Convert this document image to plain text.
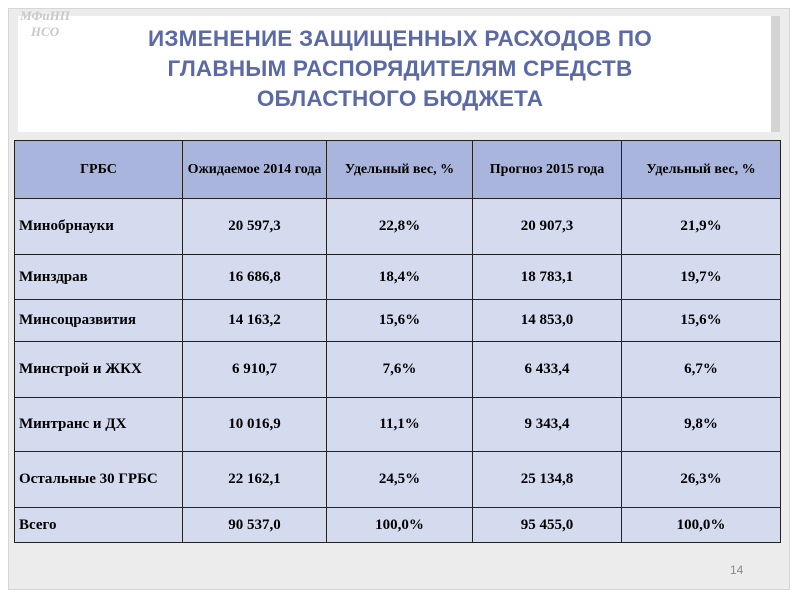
МФиНП
НСО	ИЗМЕНЕНИЕ ЗАЩИЩЕННЫХ РАСХОДОВ ПО
ГЛАВНЫМ РАСПОРЯДИТЕЛЯМ СРЕДСТВ
ОБЛАСТНОГО БЮДЖЕТА
ГРБС	Ожидаемое 2014 года	Удельный вес, %	Прогноз 2015 года	Удельный вес, %
Минобрнауки	20 597,3	22,8%	20 907,3	21,9%
Минздрав	16 686,8	18,4%	18 783,1	19,7%
Минсоцразвития	14 163,2	15,6%	14 853,0	15,6%
Минстрой и ЖКХ	6 910,7	7,6%	6 433,4	6,7%
Минтранс и ДХ	10 016,9	11,1%	9 343,4	9,8%
Остальные 30 ГРБС	22 162,1	24,5%	25 134,8	26,3%
Всего	90 537,0	100,0%	95 455,0	100,0%
14
